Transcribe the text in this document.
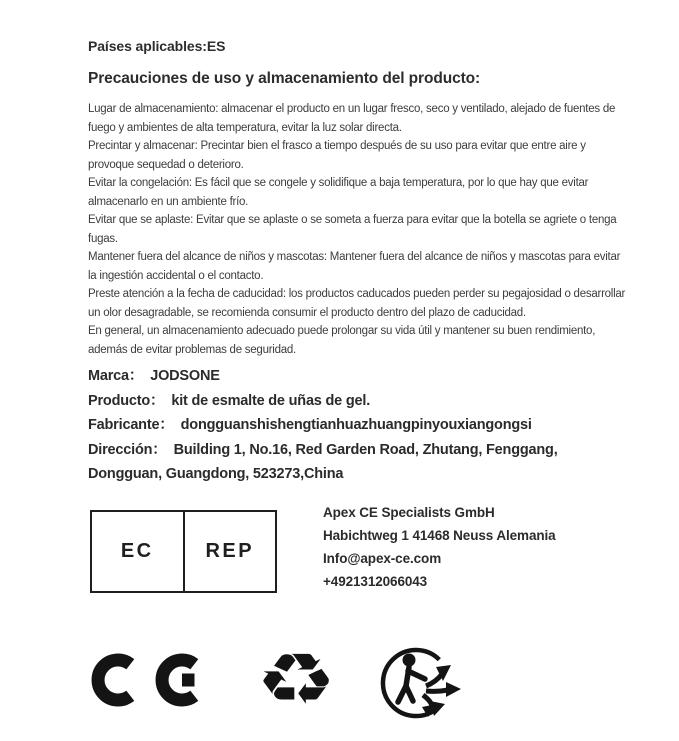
Países aplicables:ES
Precauciones de uso y almacenamiento del producto:
Lugar de almacenamiento: almacenar el producto en un lugar fresco, seco y ventilado, alejado de fuentes de
fuego y ambientes de alta temperatura, evitar la luz solar directa.
Precintar y almacenar: Precintar bien el frasco a tiempo después de su uso para evitar que entre aire y
provoque sequedad o deterioro.
Evitar la congelación: Es fácil que se congele y solidifique a baja temperatura, por lo que hay que evitar
almacenarlo en un ambiente frío.
Evitar que se aplaste: Evitar que se aplaste o se someta a fuerza para evitar que la botella se agriete o tenga
fugas.
Mantener fuera del alcance de niños y mascotas: Mantener fuera del alcance de niños y mascotas para evitar
la ingestión accidental o el contacto.
Preste atención a la fecha de caducidad: los productos caducados pueden perder su pegajosidad o desarrollar
un olor desagradable, se recomienda consumir el producto dentro del plazo de caducidad.
En general, un almacenamiento adecuado puede prolongar su vida útil y mantener su buen rendimiento,
además de evitar problemas de seguridad.
Marca： JODSONE
Producto： kit de esmalte de uñas de gel.
Fabricante： dongguanshishengtianhuazhuangpinyouxiangongsi
Dirección： Building 1, No.16, Red Garden Road, Zhutang, Fenggang,
Dongguan, Guangdong, 523273,China
EC	REP
Apex CE Specialists GmbH
Habichtweg 1 41468 Neuss Alemania
Info@apex-ce.com
+4921312066043
♻
